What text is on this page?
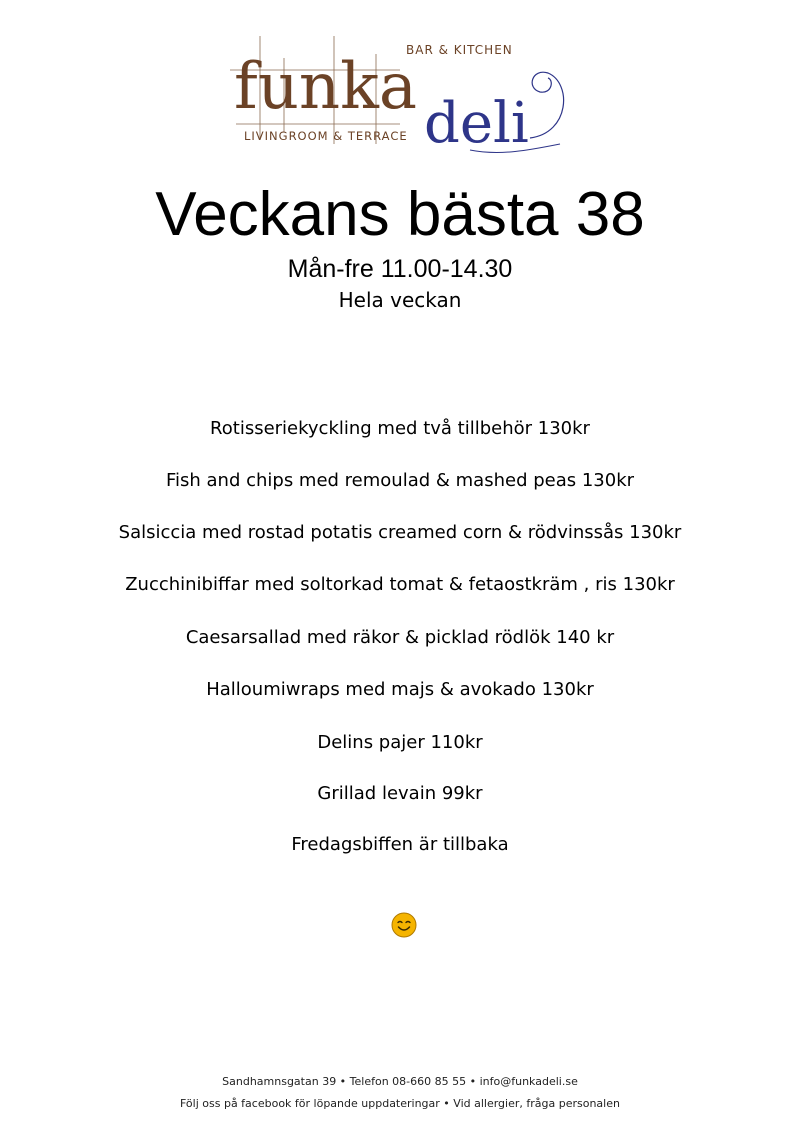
funka deli
BAR & KITCHEN
LIVINGROOM & TERRACE
Veckans bästa 38
Mån-fre 11.00-14.30
Hela veckan
Rotisseriekyckling med två tillbehör 130kr
Fish and chips med remoulad & mashed peas 130kr
Salsiccia med rostad potatis creamed corn & rödvinssås 130kr
Zucchinibiffar med soltorkad tomat & fetaostkräm , ris 130kr
Caesarsallad med räkor & picklad rödlök 140 kr
Halloumiwraps med majs & avokado 130kr
Delins pajer 110kr
Grillad levain 99kr
Fredagsbiffen är tillbaka
Sandhamnsgatan 39 • Telefon 08-660 85 55 • info@funkadeli.se
Följ oss på facebook för löpande uppdateringar • Vid allergier, fråga personalen
